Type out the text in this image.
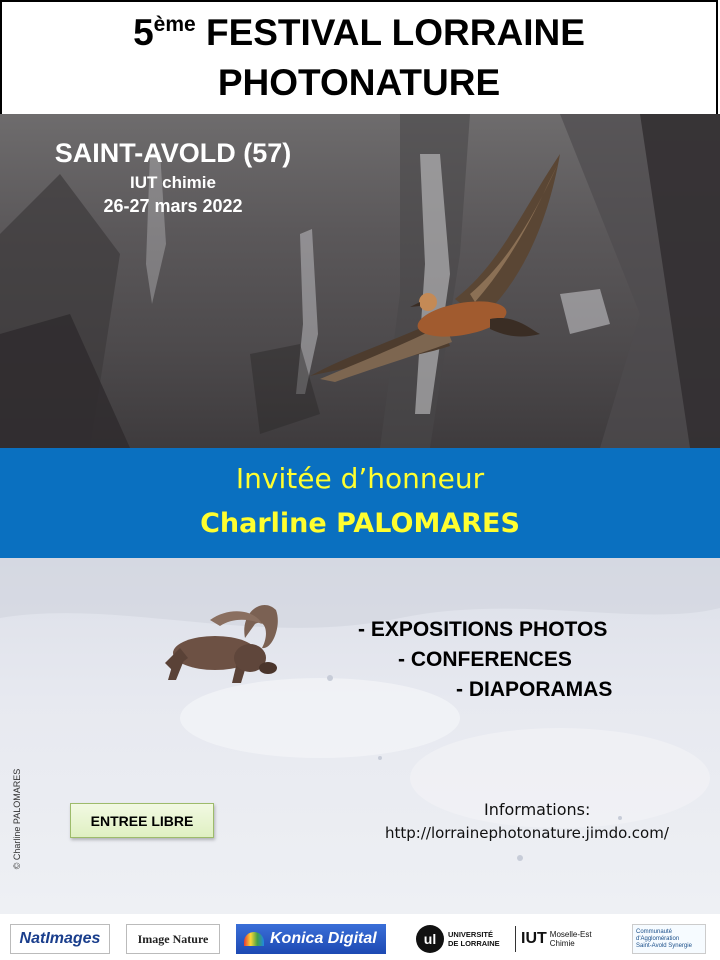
5ème FESTIVAL LORRAINE
PHOTONATURE
SAINT-AVOLD (57)
IUT chimie
26-27 mars 2022
Invitée d’honneur
Charline PALOMARES
- EXPOSITIONS PHOTOS
- CONFERENCES
- DIAPORAMAS
ENTREE LIBRE
Informations:
http://lorrainephotonature.jimdo.com/
© Charline PALOMARES
NatImages	Image Nature	Konica Digital	ul	UNIVERSITÉ
DE LORRAINE	IUT Moselle-Est
Chimie
Communauté d'Agglomération
Saint-Avold Synergie
